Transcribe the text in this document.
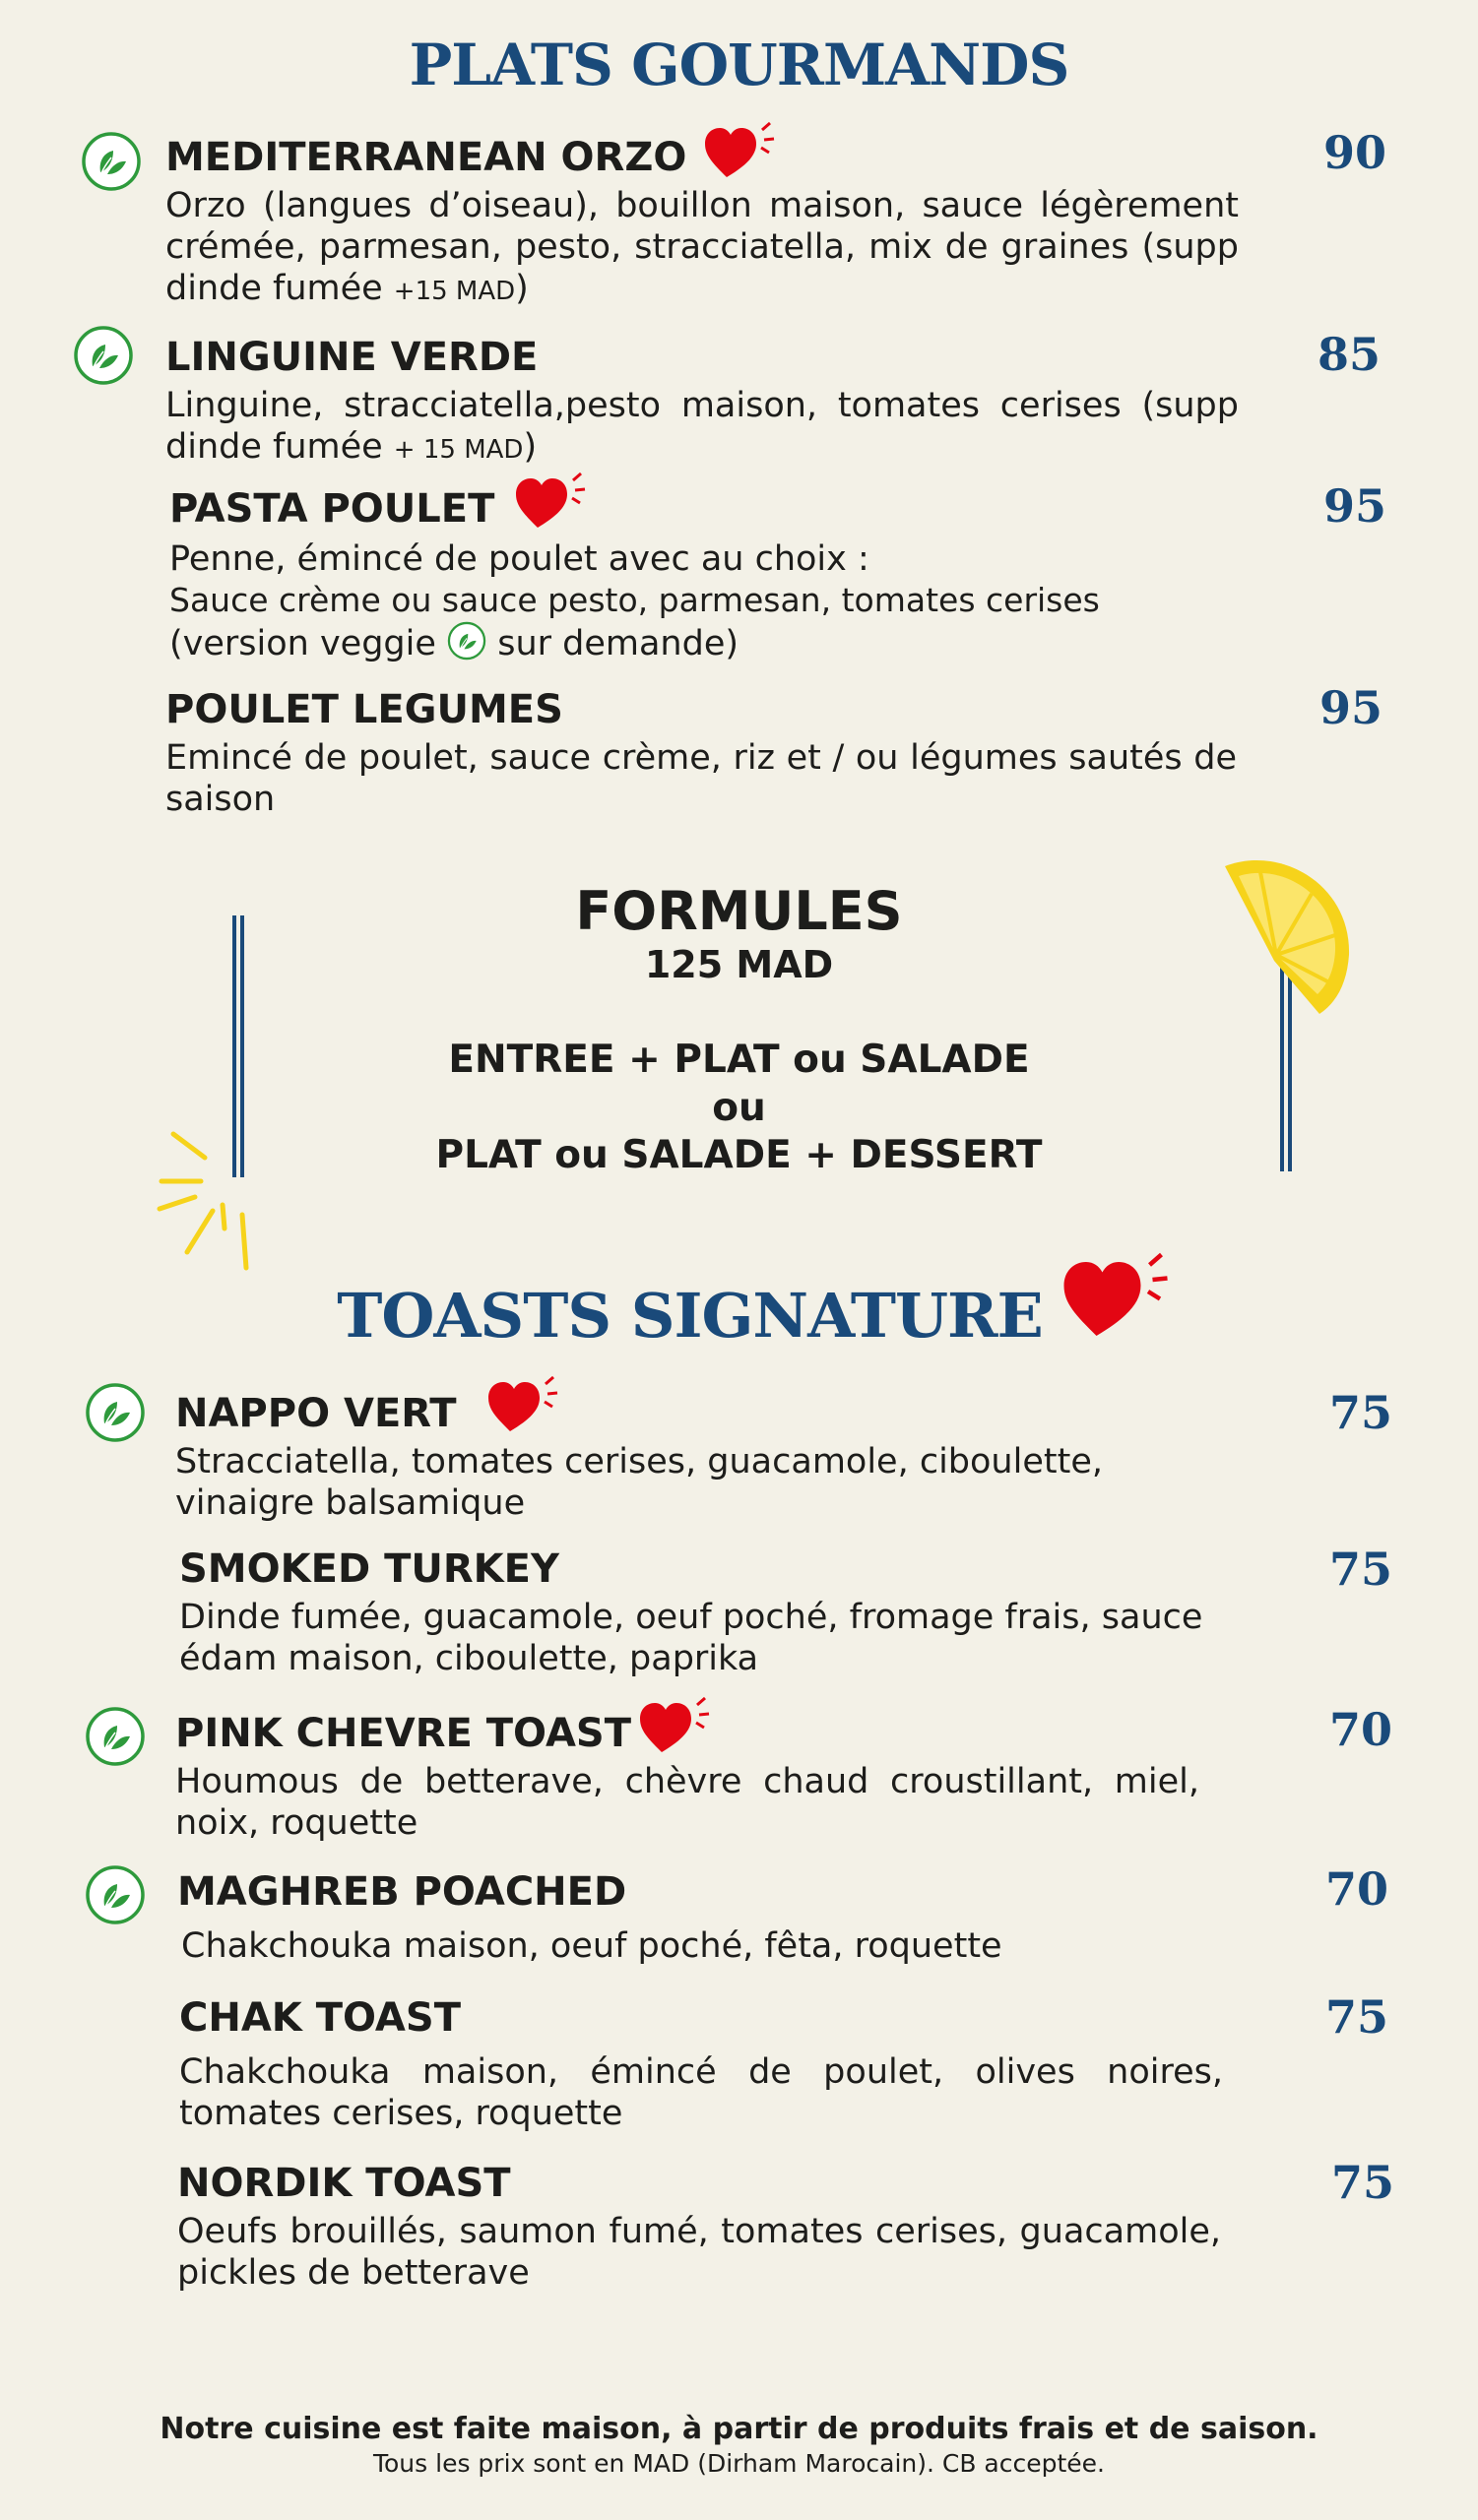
PLATS GOURMANDS
MEDITERRANEAN ORZO
Orzo (langues d’oiseau), bouillon maison, sauce légèrement crémée, parmesan, pesto, stracciatella, mix de graines (supp dinde fumée +15 MAD)
90
LINGUINE VERDE
Linguine, stracciatella,pesto maison, tomates cerises (supp dinde fumée + 15 MAD)
85
PASTA POULET
Penne, émincé de poulet avec au choix :
Sauce crème ou sauce pesto, parmesan, tomates cerises
(version veggie sur demande)
95
POULET LEGUMES
Emincé de poulet, sauce crème, riz et / ou légumes sautés de saison
95
FORMULES
125 MAD
ENTREE + PLAT ou SALADE
ou
PLAT ou SALADE + DESSERT
TOASTS SIGNATURE
NAPPO VERT
Stracciatella, tomates cerises, guacamole, ciboulette, vinaigre balsamique
75
SMOKED TURKEY
Dinde fumée, guacamole, oeuf poché, fromage frais, sauce édam maison, ciboulette, paprika
75
PINK CHEVRE TOAST
Houmous de betterave, chèvre chaud croustillant, miel, noix, roquette
70
MAGHREB POACHED
Chakchouka maison, oeuf poché, fêta, roquette
70
CHAK TOAST
Chakchouka maison, émincé de poulet, olives noires, tomates cerises, roquette
75
NORDIK TOAST
Oeufs brouillés, saumon fumé, tomates cerises, guacamole, pickles de betterave
75
Notre cuisine est faite maison, à partir de produits frais et de saison.
Tous les prix sont en MAD (Dirham Marocain). CB acceptée.
